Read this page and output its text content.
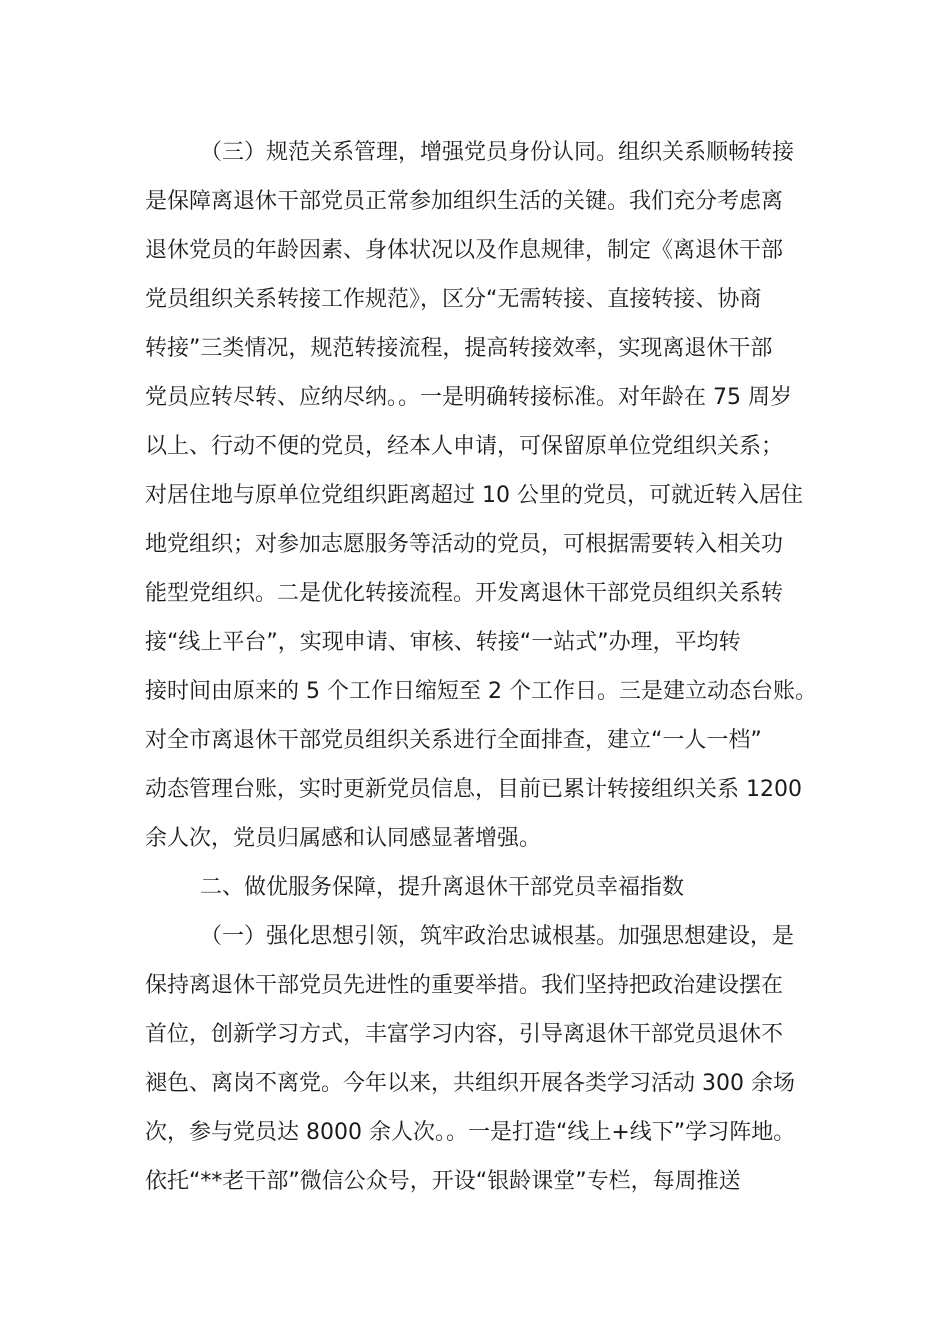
（三）规范关系管理，增强党员身份认同。组织关系顺畅转接
是保障离退休干部党员正常参加组织生活的关键。我们充分考虑离
退休党员的年龄因素、身体状况以及作息规律，制定《离退休干部
党员组织关系转接工作规范》，区分“无需转接、直接转接、协商
转接”三类情况，规范转接流程，提高转接效率，实现离退休干部
党员应转尽转、应纳尽纳。。一是明确转接标准。对年龄在 75 周岁
以上、行动不便的党员，经本人申请，可保留原单位党组织关系；
对居住地与原单位党组织距离超过 10 公里的党员，可就近转入居住
地党组织；对参加志愿服务等活动的党员，可根据需要转入相关功
能型党组织。二是优化转接流程。开发离退休干部党员组织关系转
接“线上平台”，实现申请、审核、转接“一站式”办理，平均转
接时间由原来的 5 个工作日缩短至 2 个工作日。三是建立动态台账。
对全市离退休干部党员组织关系进行全面排查，建立“一人一档”
动态管理台账，实时更新党员信息，目前已累计转接组织关系 1200
余人次，党员归属感和认同感显著增强。
二、做优服务保障，提升离退休干部党员幸福指数
（一）强化思想引领，筑牢政治忠诚根基。加强思想建设，是
保持离退休干部党员先进性的重要举措。我们坚持把政治建设摆在
首位，创新学习方式，丰富学习内容，引导离退休干部党员退休不
褪色、离岗不离党。今年以来，共组织开展各类学习活动 300 余场
次，参与党员达 8000 余人次。。一是打造“线上+线下”学习阵地。
依托“**老干部”微信公众号，开设“银龄课堂”专栏，每周推送
